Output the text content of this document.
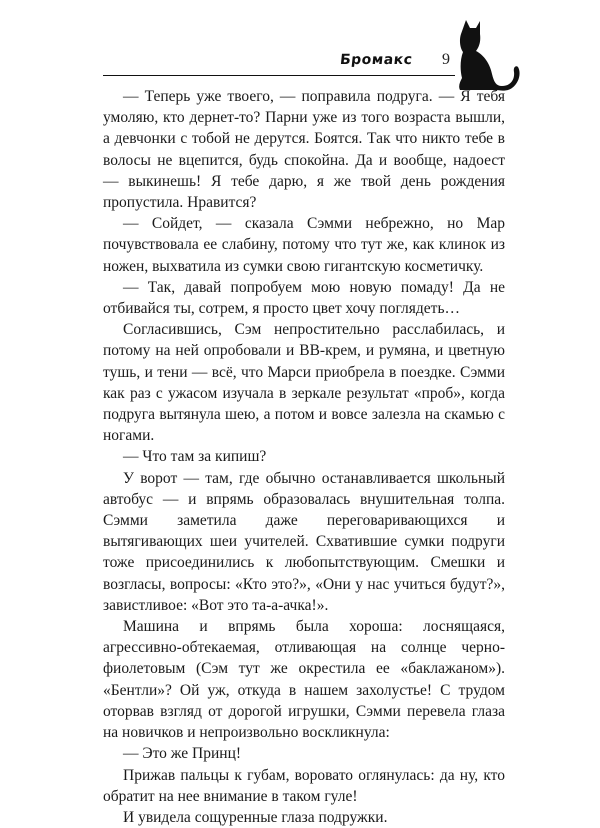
Бромакс 9

— Теперь уже твоего, — поправила подруга. — Я тебя умоляю, кто дернет-то? Парни уже из того возраста вышли, а девчонки с тобой не дерутся. Боятся. Так что никто тебе в волосы не вцепится, будь спокойна. Да и вообще, надоест — выкинешь! Я тебе дарю, я же твой день рождения пропустила. Нравится?

— Сойдет, — сказала Сэмми небрежно, но Мар почувствовала ее слабину, потому что тут же, как клинок из ножен, выхватила из сумки свою гигантскую косметичку.

— Так, давай попробуем мою новую помаду! Да не отбивайся ты, сотрем, я просто цвет хочу поглядеть…

Согласившись, Сэм непростительно расслабилась, и потому на ней опробовали и BB-крем, и румяна, и цветную тушь, и тени — всё, что Марси приобрела в поездке. Сэмми как раз с ужасом изучала в зеркале результат «проб», когда подруга вытянула шею, а потом и вовсе залезла на скамью с ногами.

— Что там за кипиш?

У ворот — там, где обычно останавливается школьный автобус — и впрямь образовалась внушительная толпа. Сэмми заметила даже переговаривающихся и вытягивающих шеи учителей. Схватившие сумки подруги тоже присоединились к любопытствующим. Смешки и возгласы, вопросы: «Кто это?», «Они у нас учиться будут?», завистливое: «Вот это та-а-ачка!».

Машина и впрямь была хороша: лоснящаяся, агрессивно-обтекаемая, отливающая на солнце черно-фиолетовым (Сэм тут же окрестила ее «баклажаном»). «Бентли»? Ой уж, откуда в нашем захолустье! С трудом оторвав взгляд от дорогой игрушки, Сэмми перевела глаза на новичков и непроизвольно воскликнула:

— Это же Принц!

Прижав пальцы к губам, воровато оглянулась: да ну, кто обратит на нее внимание в таком гуле!

И увидела сощуренные глаза подружки.
